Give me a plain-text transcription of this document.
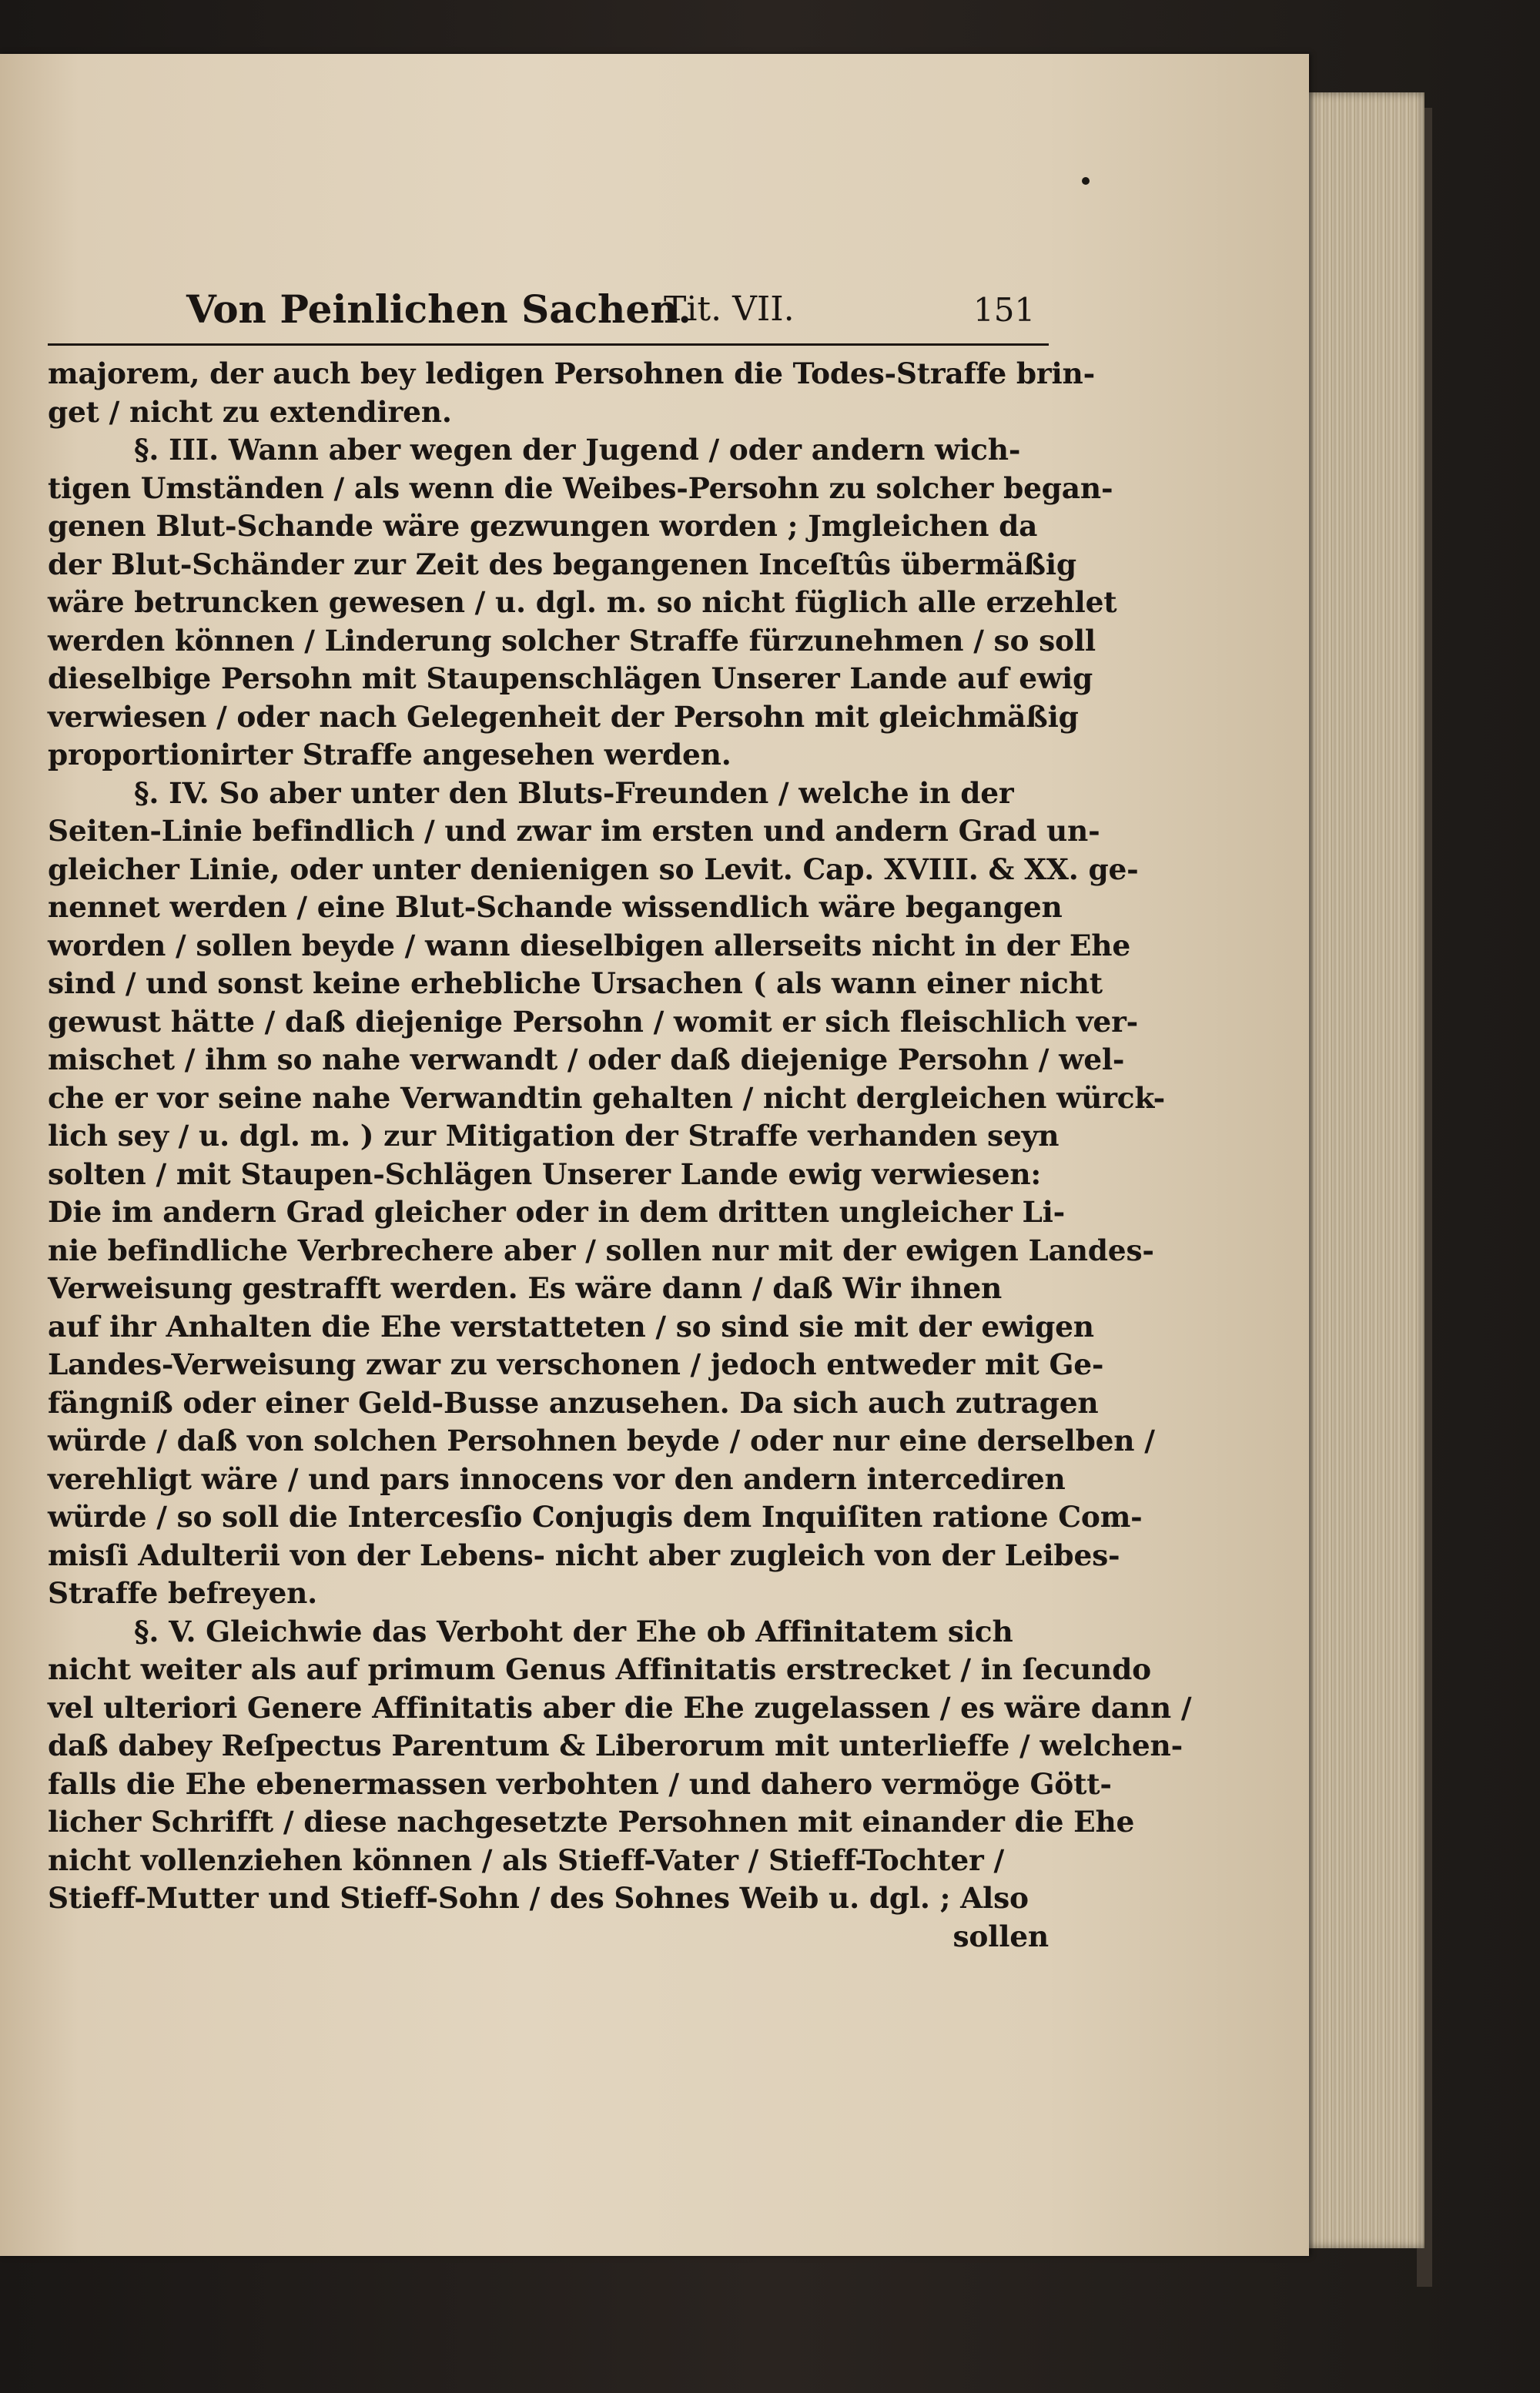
Von Peinlichen Sachen.
Tit. VII.	151
majorem, der auch bey ledigen Persohnen die Todes-Straffe brin-
get / nicht zu extendiren.
§. III. Wann aber wegen der Jugend / oder andern wich-
tigen Umständen / als wenn die Weibes-Persohn zu solcher began-
genen Blut-Schande wäre gezwungen worden ; Jmgleichen da
der Blut-Schänder zur Zeit des begangenen Inceſtûs übermäßig
wäre betruncken gewesen / u. dgl. m. so nicht füglich alle erzehlet
werden können / Linderung solcher Straffe fürzunehmen / so soll
dieselbige Persohn mit Staupenschlägen Unserer Lande auf ewig
verwiesen / oder nach Gelegenheit der Persohn mit gleichmäßig
proportionirter Straffe angesehen werden.
§. IV. So aber unter den Bluts-Freunden / welche in der
Seiten-Linie befindlich / und zwar im ersten und andern Grad un-
gleicher Linie, oder unter denienigen so Levit. Cap. XVIII. & XX. ge-
nennet werden / eine Blut-Schande wissendlich wäre begangen
worden / sollen beyde / wann dieselbigen allerseits nicht in der Ehe
sind / und sonst keine erhebliche Ursachen ( als wann einer nicht
gewust hätte / daß diejenige Persohn / womit er sich fleischlich ver-
mischet / ihm so nahe verwandt / oder daß diejenige Persohn / wel-
che er vor seine nahe Verwandtin gehalten / nicht dergleichen würck-
lich sey / u. dgl. m. ) zur Mitigation der Straffe verhanden seyn
solten / mit Staupen-Schlägen Unserer Lande ewig verwiesen:
Die im andern Grad gleicher oder in dem dritten ungleicher Li-
nie befindliche Verbrechere aber / sollen nur mit der ewigen Landes-
Verweisung gestrafft werden. Es wäre dann / daß Wir ihnen
auf ihr Anhalten die Ehe verstatteten / so sind sie mit der ewigen
Landes-Verweisung zwar zu verschonen / jedoch entweder mit Ge-
fängniß oder einer Geld-Busse anzusehen. Da sich auch zutragen
würde / daß von solchen Persohnen beyde / oder nur eine derselben /
verehligt wäre / und pars innocens vor den andern intercediren
würde / so soll die Intercesſio Conjugis dem Inquiſiten ratione Com-
misſi Adulterii von der Lebens- nicht aber zugleich von der Leibes-
Straffe befreyen.
§. V. Gleichwie das Verboht der Ehe ob Affinitatem sich
nicht weiter als auf primum Genus Affinitatis erstrecket / in ſecundo
vel ulteriori Genere Affinitatis aber die Ehe zugelassen / es wäre dann /
daß dabey Reſpectus Parentum & Liberorum mit unterlieffe / welchen-
falls die Ehe ebenermassen verbohten / und dahero vermöge Gött-
licher Schrifft / diese nachgesetzte Persohnen mit einander die Ehe
nicht vollenziehen können / als Stieff-Vater / Stieff-Tochter /
Stieff-Mutter und Stieff-Sohn / des Sohnes Weib u. dgl. ; Also
sollen
